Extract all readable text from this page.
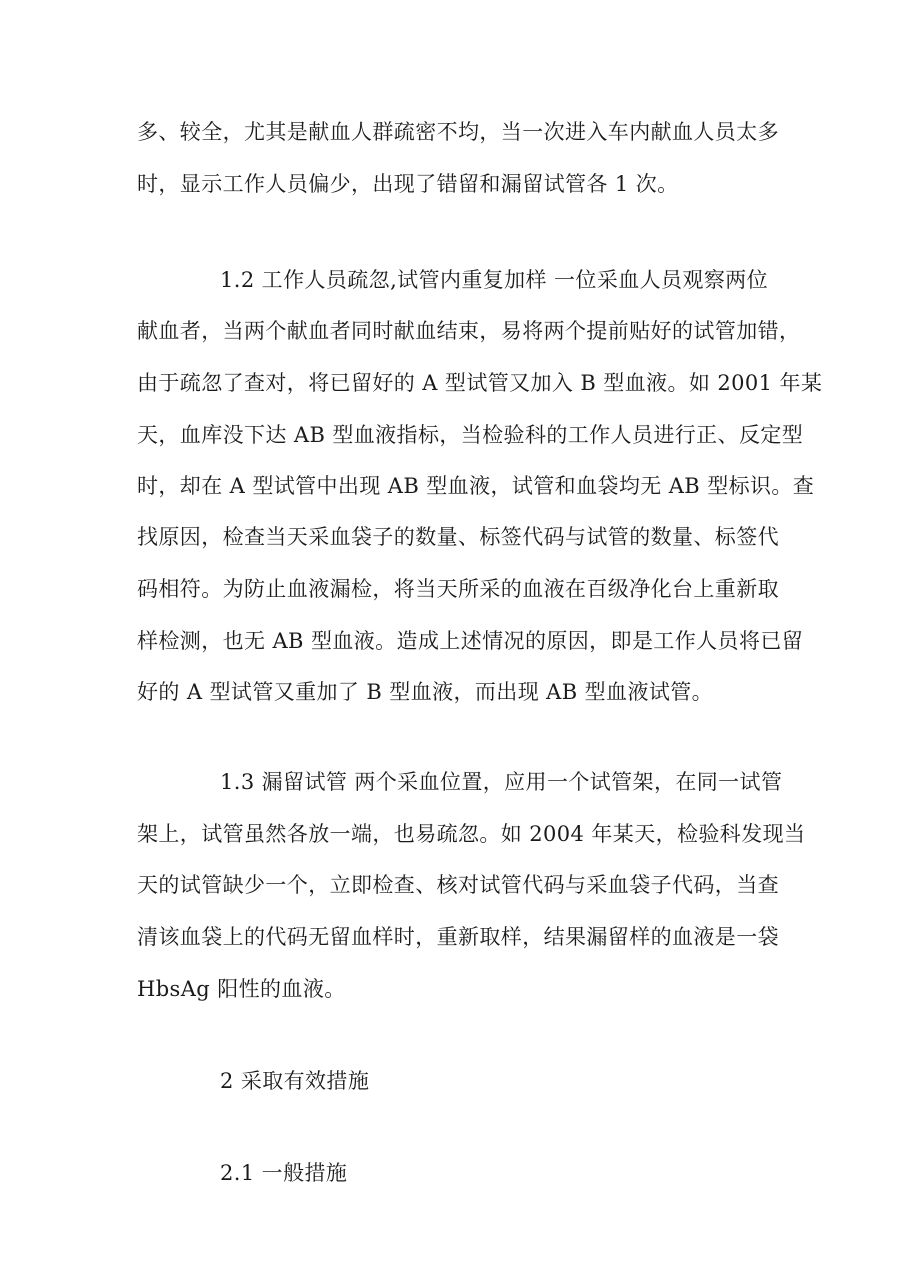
多、较全，尤其是献血人群疏密不均，当一次进入车内献血人员太多
时，显示工作人员偏少，出现了错留和漏留试管各 1 次。
1.2 工作人员疏忽,试管内重复加样 一位采血人员观察两位
献血者，当两个献血者同时献血结束，易将两个提前贴好的试管加错，
由于疏忽了查对，将已留好的 A 型试管又加入 B 型血液。如 2001 年某
天，血库没下达 AB 型血液指标，当检验科的工作人员进行正、反定型
时，却在 A 型试管中出现 AB 型血液，试管和血袋均无 AB 型标识。查
找原因，检查当天采血袋子的数量、标签代码与试管的数量、标签代
码相符。为防止血液漏检，将当天所采的血液在百级净化台上重新取
样检测，也无 AB 型血液。造成上述情况的原因，即是工作人员将已留
好的 A 型试管又重加了 B 型血液，而出现 AB 型血液试管。
1.3 漏留试管 两个采血位置，应用一个试管架，在同一试管
架上，试管虽然各放一端，也易疏忽。如 2004 年某天，检验科发现当
天的试管缺少一个，立即检查、核对试管代码与采血袋子代码，当查
清该血袋上的代码无留血样时，重新取样，结果漏留样的血液是一袋
HbsAg 阳性的血液。
2 采取有效措施
2.1 一般措施
